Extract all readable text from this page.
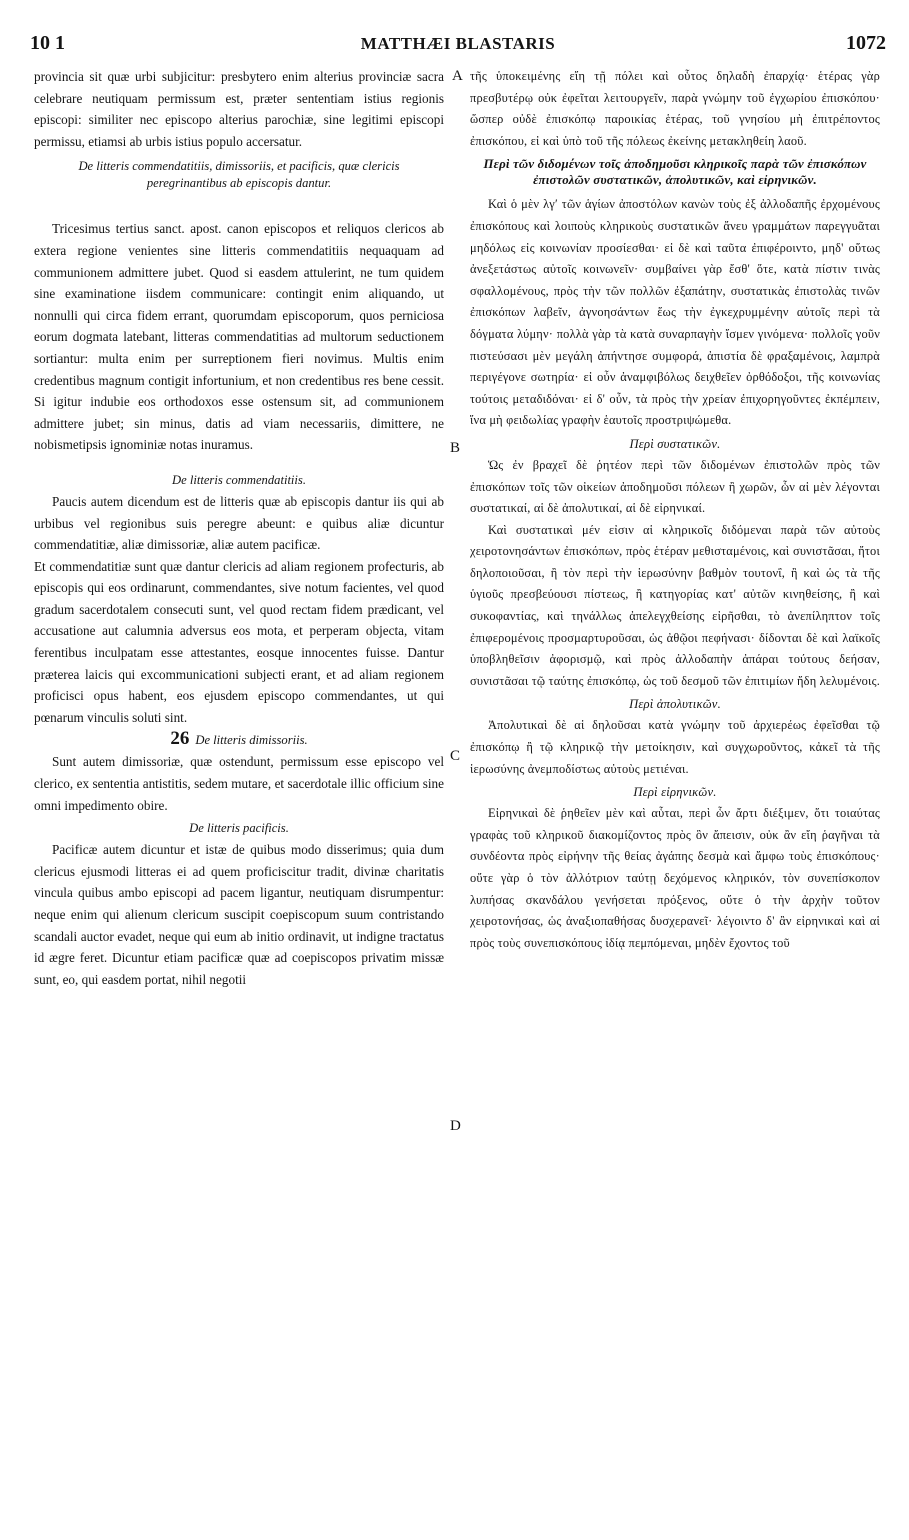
10 1	MATTHÆI BLASTARIS	1072
A
B
C
D

provincia sit quæ urbi subjicitur: presbytero enim alterius provinciæ sacra celebrare neutiquam permissum est, præter sententiam istius regionis episcopi: similiter nec episcopo alterius parochiæ, sine legitimi episcopi permissu, etiamsi ab urbis istius populo accersatur.

De litteris commendatitiis, dimissoriis, et pacificis, quæ clericis peregrinantibus ab episcopis dantur.

Tricesimus tertius sanct. apost. canon episcopos et reliquos clericos ab extera regione venientes sine litteris commendatitiis nequaquam ad communionem admittere jubet. Quod si easdem attulerint, ne tum quidem sine examinatione iisdem communicare: contingit enim aliquando, ut nonnulli qui circa fidem errant, quorumdam episcoporum, quos perniciosa eorum dogmata latebant, litteras commendatitias ad multorum seductionem sortiantur: multa enim per surreptionem fieri novimus. Multis enim credentibus magnum contigit infortunium, et non credentibus res bene cessit. Si igitur indubie eos orthodoxos esse ostensum sit, ad communionem admittere jubet; sin minus, datis ad viam necessariis, dimittere, ne nobismetipsis ignominiæ notas inuramus.

De litteris commendatitiis.

Paucis autem dicendum est de litteris quæ ab episcopis dantur iis qui ab urbibus vel regionibus suis peregre abeunt: e quibus aliæ dicuntur commendatitiæ, aliæ dimissoriæ, aliæ autem pacificæ.

Et commendatitiæ sunt quæ dantur clericis ad aliam regionem profecturis, ab episcopis qui eos ordinarunt, commendantes, sive notum facientes, vel quod gradum sacerdotalem consecuti sunt, vel quod rectam fidem prædicant, vel accusatione aut calumnia adversus eos mota, et perperam objecta, vitam ferentibus inculpatam esse attestantes, eosque innocentes fuisse. Dantur præterea laicis qui excommunicationi subjecti erant, et ad aliam regionem proficisci opus habent, eos ejusdem episcopo commendantes, ut qui pœnarum vinculis soluti sint.

26 De litteris dimissoriis.

Sunt autem dimissoriæ, quæ ostendunt, permissum esse episcopo vel clerico, ex sententia antistitis, sedem mutare, et sacerdotale illic officium sine omni impedimento obire.

De litteris pacificis.

Pacificæ autem dicuntur et istæ de quibus modo disserimus; quia dum clericus ejusmodi litteras ei ad quem proficiscitur tradit, divinæ charitatis vincula quibus ambo episcopi ad pacem ligantur, neutiquam disrumpentur: neque enim qui alienum clericum suscipit coepiscopum suum contristando scandali auctor evadet, neque qui eum ab initio ordinavit, ut indigne tractatus id ægre feret. Dicuntur etiam pacificæ quæ ad coepiscopos privatim missæ sunt, eo, qui easdem portat, nihil negotii

τῆς ὑποκειμένης εἴη τῇ πόλει καὶ οὗτος δηλαδὴ ἐπαρχίᾳ· ἑτέρας γὰρ πρεσβυτέρῳ οὐκ ἐφεῖται λειτουργεῖν, παρὰ γνώμην τοῦ ἐγχωρίου ἐπισκόπου· ὥσπερ οὐδὲ ἐπισκόπῳ παροικίας ἑτέρας, τοῦ γνησίου μὴ ἐπιτρέποντος ἐπισκόπου, εἰ καὶ ὑπὸ τοῦ τῆς πόλεως ἐκείνης μετακληθείη λαοῦ.

Περὶ τῶν διδομένων τοῖς ἀποδημοῦσι κληρικοῖς παρὰ τῶν ἐπισκόπων ἐπιστολῶν συστατικῶν, ἀπολυτικῶν, καὶ εἰρηνικῶν.

Καὶ ὁ μὲν λγʹ τῶν ἁγίων ἀποστόλων κανὼν τοὺς ἐξ ἀλλοδαπῆς ἐρχομένους ἐπισκόπους καὶ λοιποὺς κληρικοὺς συστατικῶν ἄνευ γραμμάτων παρεγγυᾶται μηδόλως εἰς κοινωνίαν προσίεσθαι· εἰ δὲ καὶ ταῦτα ἐπιφέροιντο, μηδ' οὕτως ἀνεξετάστως αὐτοῖς κοινωνεῖν· συμβαίνει γὰρ ἔσθ' ὅτε, κατὰ πίστιν τινὰς σφαλλομένους, πρὸς τὴν τῶν πολλῶν ἐξαπάτην, συστατικὰς ἐπιστολὰς τινῶν ἐπισκόπων λαβεῖν, ἀγνοησάντων ἕως τὴν ἐγκεχρυμμένην αὐτοῖς περὶ τὰ δόγματα λύμην· πολλὰ γὰρ τὰ κατὰ συναρπαγὴν ἴσμεν γινόμενα· πολλοῖς γοῦν πιστεύσασι μὲν μεγάλη ἀπήντησε συμφορά, ἀπιστία δὲ φραξαμένοις, λαμπρὰ περιγέγονε σωτηρία· εἰ οὖν ἀναμφιβόλως δειχθεῖεν ὀρθόδοξοι, τῆς κοινωνίας τούτοις μεταδιδόναι· εἰ δ' οὖν, τὰ πρὸς τὴν χρείαν ἐπιχορηγοῦντες ἐκπέμπειν, ἵνα μὴ φειδωλίας γραφὴν ἑαυτοῖς προστριψώμεθα.

Περὶ συστατικῶν.

Ὡς ἐν βραχεῖ δὲ ῥητέον περὶ τῶν διδομένων ἐπιστολῶν πρὸς τῶν ἐπισκόπων τοῖς τῶν οἰκείων ἀποδημοῦσι πόλεων ἢ χωρῶν, ὧν αἱ μὲν λέγονται συστατικαί, αἱ δὲ ἀπολυτικαί, αἱ δὲ εἰρηνικαί.

Καὶ συστατικαὶ μέν εἰσιν αἱ κληρικοῖς διδόμεναι παρὰ τῶν αὐτοὺς χειροτονησάντων ἐπισκόπων, πρὸς ἑτέραν μεθισταμένοις, καὶ συνιστᾶσαι, ἤτοι δηλοποιοῦσαι, ἢ τὸν περὶ τὴν ἱερωσύνην βαθμὸν τουτονΐ, ἢ καὶ ὡς τὰ τῆς ὑγιοῦς πρεσβεύουσι πίστεως, ἢ κατηγορίας κατ' αὐτῶν κινηθείσης, ἢ καὶ συκοφαντίας, καὶ τηνάλλως ἀπελεγχθείσης εἰρῆσθαι, τὸ ἀνεπίληπτον τοῖς ἐπιφερομένοις προσμαρτυροῦσαι, ὡς ἀθῷοι πεφήνασι· δίδονται δὲ καὶ λαϊκοῖς ὑποβληθεῖσιν ἀφορισμῷ, καὶ πρὸς ἀλλοδαπὴν ἀπάραι τούτους δεήσαν, συνιστᾶσαι τῷ ταύτης ἐπισκόπῳ, ὡς τοῦ δεσμοῦ τῶν ἐπιτιμίων ἤδη λελυμένοις.

Περὶ ἀπολυτικῶν.

Ἀπολυτικαὶ δὲ αἱ δηλοῦσαι κατὰ γνώμην τοῦ ἀρχιερέως ἐφεῖσθαι τῷ ἐπισκόπῳ ἢ τῷ κληρικῷ τὴν μετοίκησιν, καὶ συγχωροῦντος, κἀκεῖ τὰ τῆς ἱερωσύνης ἀνεμποδίστως αὐτοὺς μετιέναι.

Περὶ εἰρηνικῶν.

Εἰρηνικαὶ δὲ ῥηθεῖεν μὲν καὶ αὗται, περὶ ὧν ἄρτι διέξιμεν, ὅτι τοιαύτας γραφὰς τοῦ κληρικοῦ διακομίζοντος πρὸς ὃν ἄπεισιν, οὐκ ἂν εἴη ῥαγῆναι τὰ συνδέοντα πρὸς εἰρήνην τῆς θείας ἀγάπης δεσμὰ καὶ ἄμφω τοὺς ἐπισκόπους· οὔτε γὰρ ὁ τὸν ἀλλότριον ταύτῃ δεχόμενος κληρικόν, τὸν συνεπίσκοπον λυπήσας σκανδάλου γενήσεται πρόξενος, οὔτε ὁ τὴν ἀρχὴν τοῦτον χειροτονήσας, ὡς ἀναξιοπαθήσας δυσχερανεῖ· λέγοιντο δ' ἂν εἰρηνικαὶ καὶ αἱ πρὸς τοὺς συνεπισκόπους ἰδίᾳ πεμπόμεναι, μηδὲν ἔχοντος τοῦ
